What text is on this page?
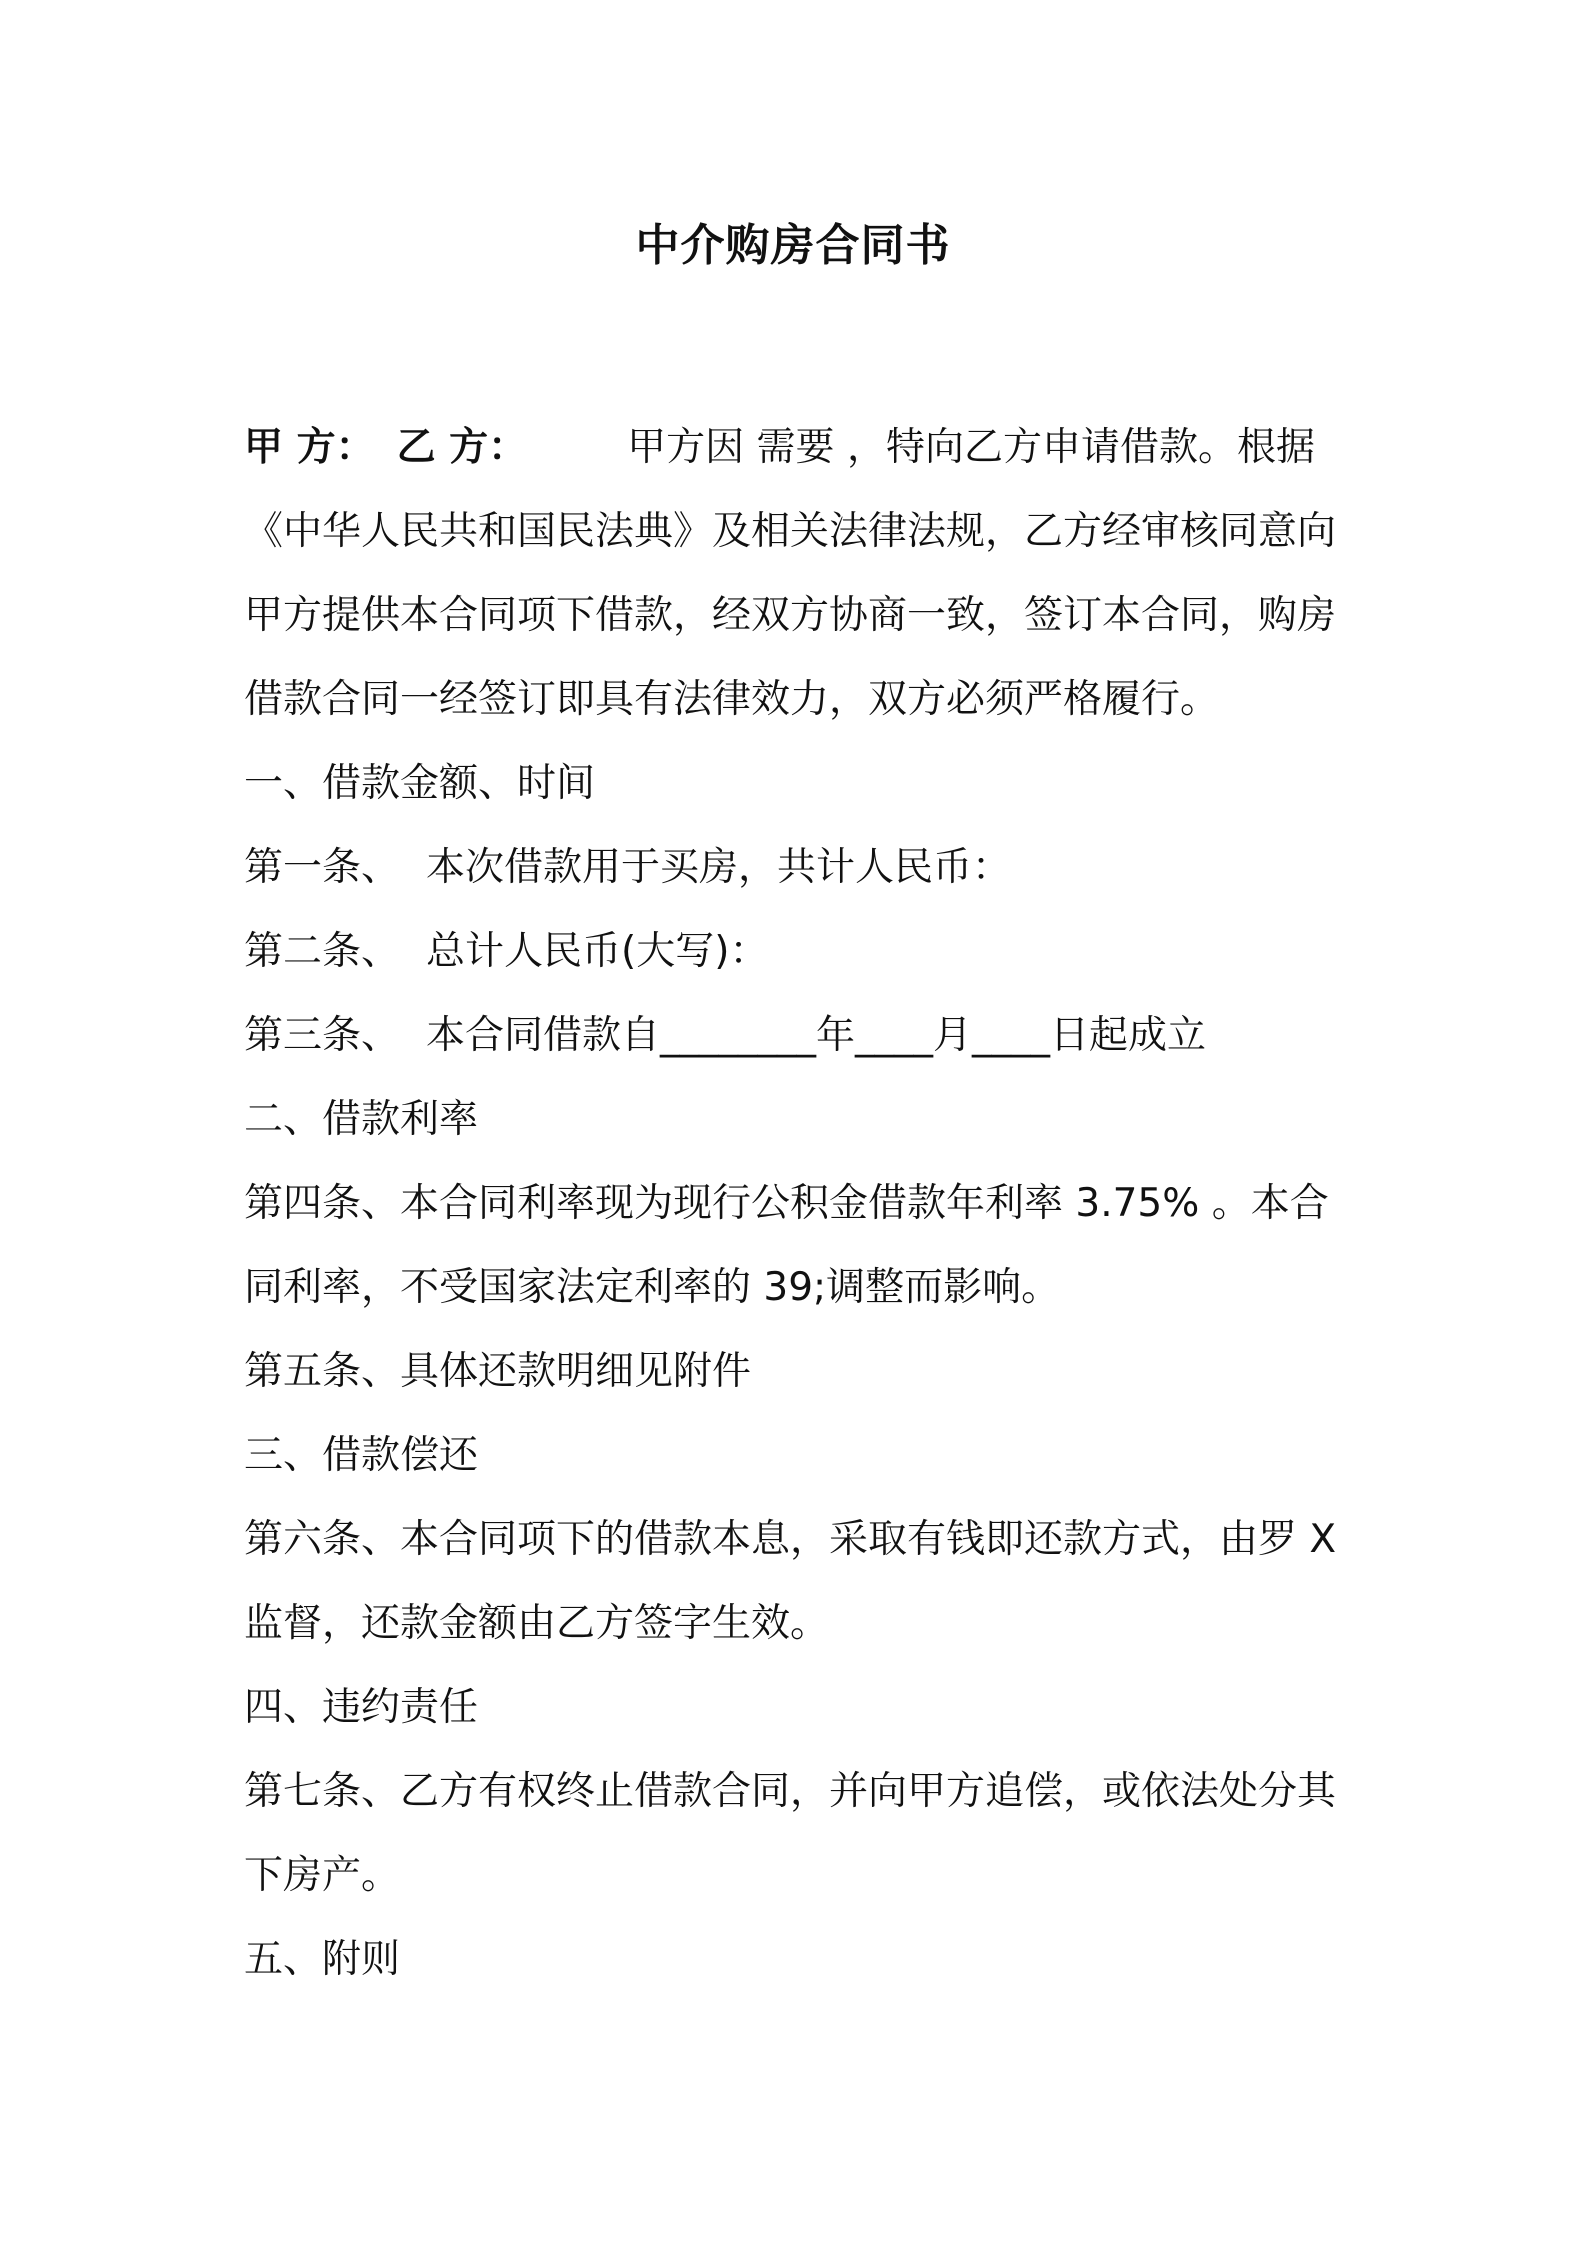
中介购房合同书
甲 方： 乙 方：	甲方因 需要 ，特向乙方申请借款。根据
《中华人民共和国民法典》及相关法律法规，乙方经审核同意向
甲方提供本合同项下借款，经双方协商一致，签订本合同，购房
借款合同一经签订即具有法律效力，双方必须严格履行。
一、借款金额、时间
第一条、 本次借款用于买房，共计人民币：
第二条、 总计人民币(大写)：
第三条、 本合同借款自________年____月____日起成立
二、借款利率
第四条、本合同利率现为现行公积金借款年利率 3.75% 。本合
同利率，不受国家法定利率的 39;调整而影响。
第五条、具体还款明细见附件
三、借款偿还
第六条、本合同项下的借款本息，采取有钱即还款方式，由罗 X
监督，还款金额由乙方签字生效。
四、违约责任
第七条、乙方有权终止借款合同，并向甲方追偿，或依法处分其
下房产。
五、附则
